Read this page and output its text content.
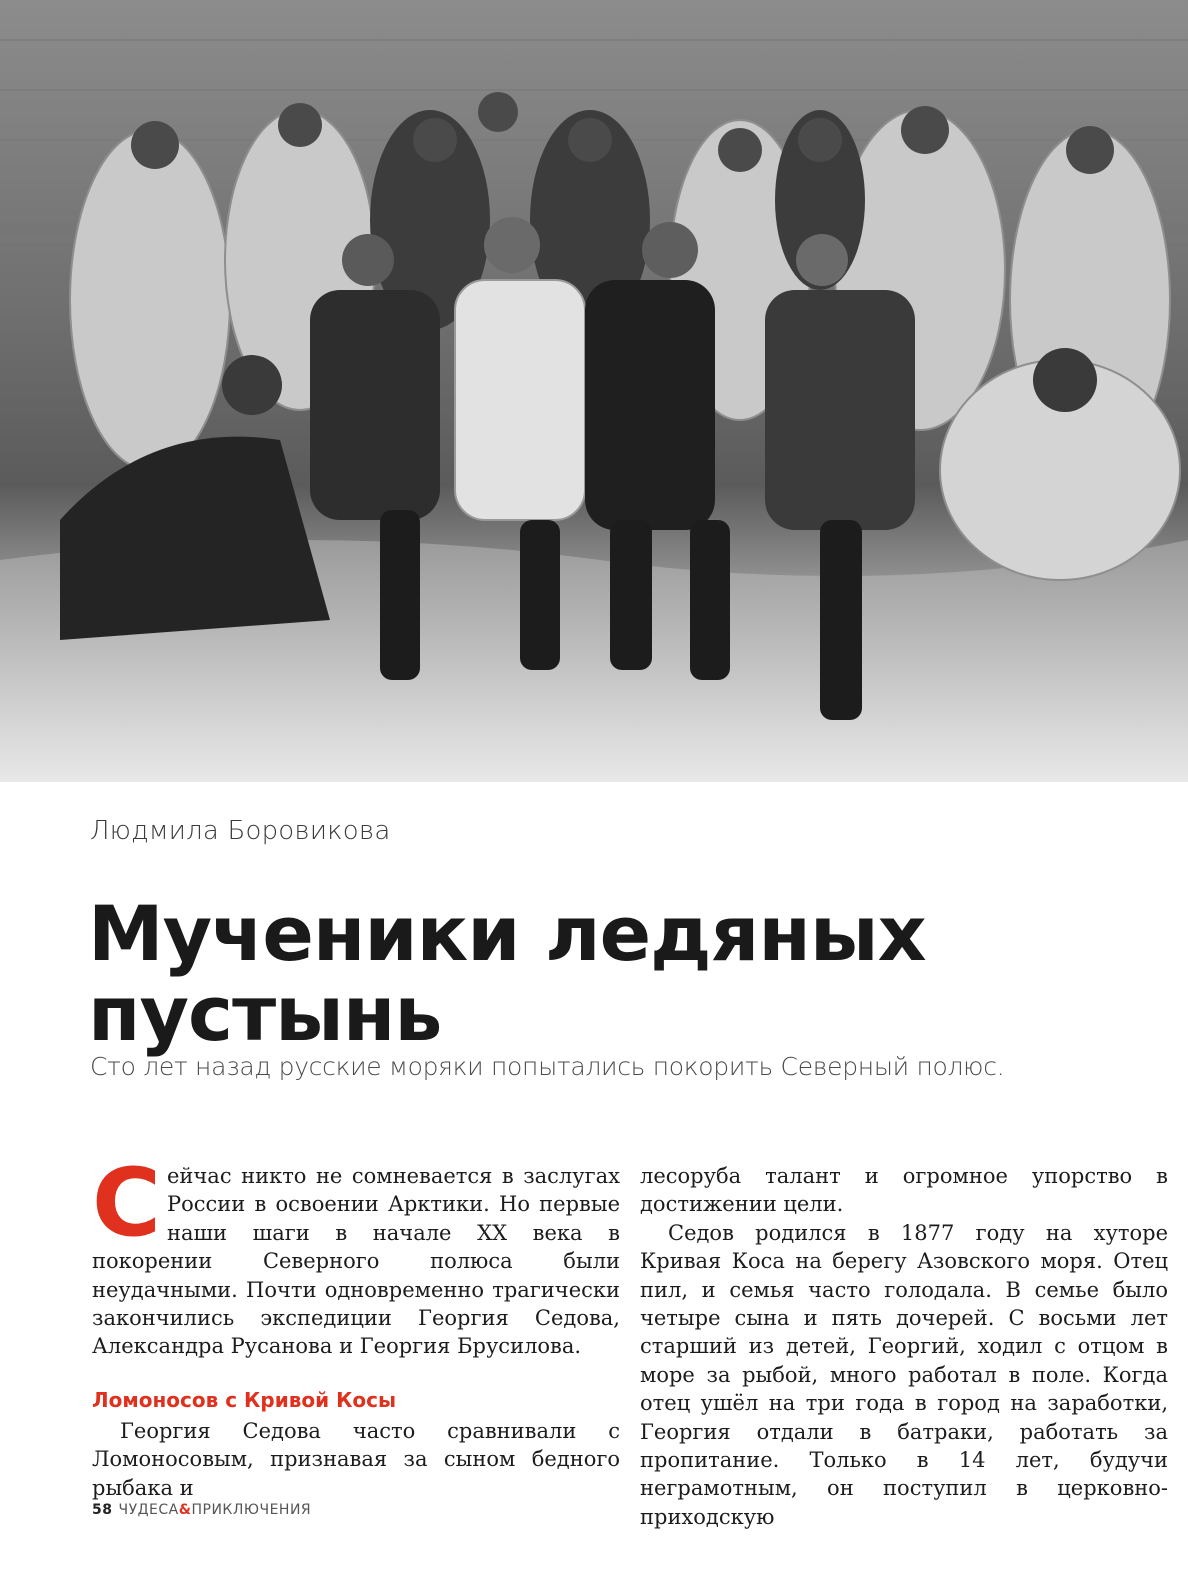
Людмила Боровикова
Мученики ледяных
пустынь
Сто лет назад русские моряки попытались покорить Северный полюс.

Сейчас никто не сомневается в заслугах России в освоении Арктики. Но первые наши шаги в начале XX века в покорении Северного полюса были неудачными. Почти одновременно трагически закончились экспедиции Георгия Седова, Александра Русанова и Георгия Брусилова.

Ломоносов с Кривой Косы

Георгия Седова часто сравнивали с Ломоносовым, признавая за сыном бедного рыбака и

лесоруба талант и огромное упорство в достижении цели.

Седов родился в 1877 году на хуторе Кривая Коса на берегу Азовского моря. Отец пил, и семья часто голодала. В семье было четыре сына и пять дочерей. С восьми лет старший из детей, Георгий, ходил с отцом в море за рыбой, много работал в поле. Когда отец ушёл на три года в город на заработки, Георгия отдали в батраки, работать за пропитание. Только в 14 лет, будучи неграмотным, он поступил в церковно-приходскую

58 ЧУДЕСА&ПРИКЛЮЧЕНИЯ
